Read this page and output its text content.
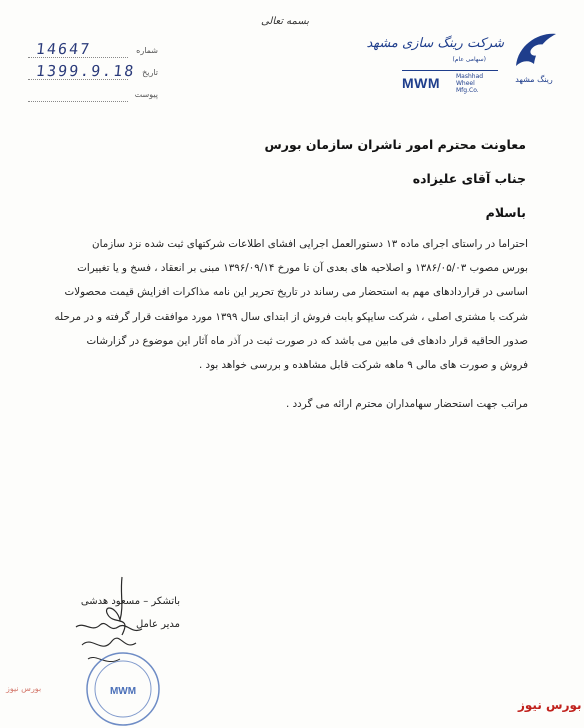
بسمه تعالی
14647	شماره
1399.9.18 تاریخ
پیوست
رینگ مشهد
شرکت رینگ سازی مشهد
(سهامی عام)
MWM	Mashhad Wheel Mfg.Co.
معاونت محترم امور ناشران سازمان بورس
جناب آقای علیزاده
باسلام

احتراما در راستای اجرای ماده ۱۳ دستورالعمل اجرایی افشای اطلاعات شرکتهای ثبت شده نزد سازمان

بورس مصوب ۱۳۸۶/۰۵/۰۳ و اصلاحیه های بعدی آن تا مورخ ۱۳۹۶/۰۹/۱۴ مبنی بر انعقاد ، فسخ و یا تغییرات

اساسی در قراردادهای مهم به استحضار می رساند در تاریخ تحریر این نامه مذاکرات افزایش قیمت محصولات

شرکت با مشتری اصلی ، شرکت سایپکو بابت فروش از ابتدای سال ۱۳۹۹ مورد موافقت قرار گرفته و در مرحله

صدور الحاقیه قرار دادهای فی مابین می باشد که در صورت ثبت در آذر ماه آثار این موضوع در گزارشات

فروش و صورت های مالی ۹ ماهه شرکت قابل مشاهده و بررسی خواهد بود .

مراتب جهت استحضار سهامداران محترم ارائه می گردد .
باتشکر – مسعود هدشی
مدیر عامل
MWM
بورس نیوز
بورس نیوز
